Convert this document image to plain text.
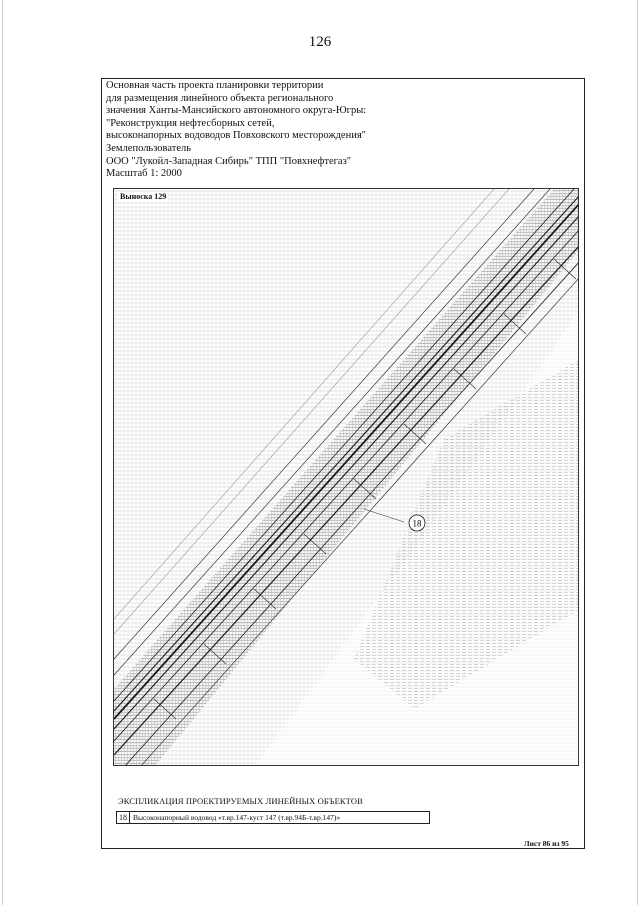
126
Основная часть проекта планировки территории
для размещения линейного объекта регионального
значения Ханты-Мансийского автономного округа-Югры:
"Реконструкция нефтесборных сетей,
высоконапорных водоводов Повховского месторождения"
Землепользователь
ООО "Лукойл-Западная Сибирь" ТПП "Повхнефтегаз"
Масштаб 1: 2000
18
Выноска 129
ЭКСПЛИКАЦИЯ ПРОЕКТИРУЕМЫХ ЛИНЕЙНЫХ ОБЪЕКТОВ
18 Высоконапорный водовод «т.вр.147-куст 147 (т.вр.94Б-т.вр.147)»
Лист 86 из 95
